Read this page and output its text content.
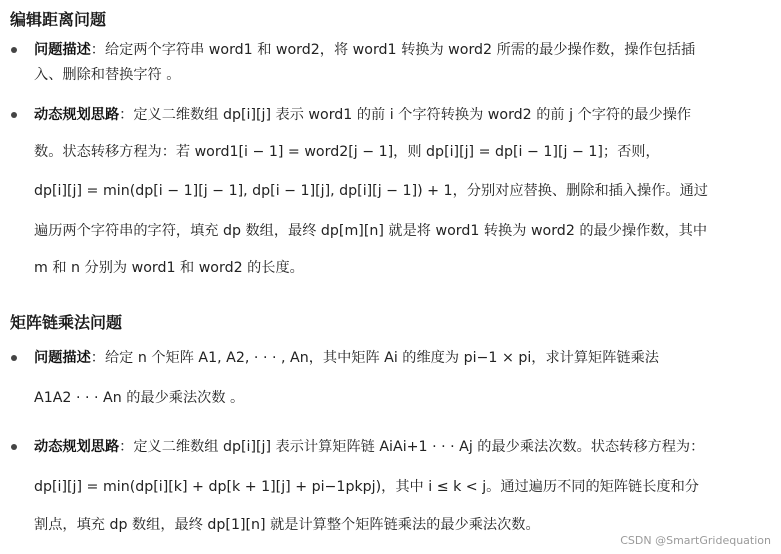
编辑距离问题
问题描述：给定两个字符串 word1 和 word2，将 word1 转换为 word2 所需的最少操作数，操作包括插
入、删除和替换字符 。
动态规划思路：定义二维数组 dp[i][j] 表示 word1 的前 i 个字符转换为 word2 的前 j 个字符的最少操作
数。状态转移方程为：若 word1[i − 1] = word2[j − 1]，则 dp[i][j] = dp[i − 1][j − 1]；否则，
dp[i][j] = min(dp[i − 1][j − 1], dp[i − 1][j], dp[i][j − 1]) + 1，分别对应替换、删除和插入操作。通过
遍历两个字符串的字符，填充 dp 数组，最终 dp[m][n] 就是将 word1 转换为 word2 的最少操作数，其中
m 和 n 分别为 word1 和 word2 的长度。
矩阵链乘法问题
问题描述：给定 n 个矩阵 A1, A2, · · · , An，其中矩阵 Ai 的维度为 pi−1 × pi，求计算矩阵链乘法
A1A2 · · · An 的最少乘法次数 。
动态规划思路：定义二维数组 dp[i][j] 表示计算矩阵链 AiAi+1 · · · Aj 的最少乘法次数。状态转移方程为：
dp[i][j] = min(dp[i][k] + dp[k + 1][j] + pi−1pkpj)，其中 i ≤ k < j。通过遍历不同的矩阵链长度和分
割点，填充 dp 数组，最终 dp[1][n] 就是计算整个矩阵链乘法的最少乘法次数。
CSDN @SmartGridequation
